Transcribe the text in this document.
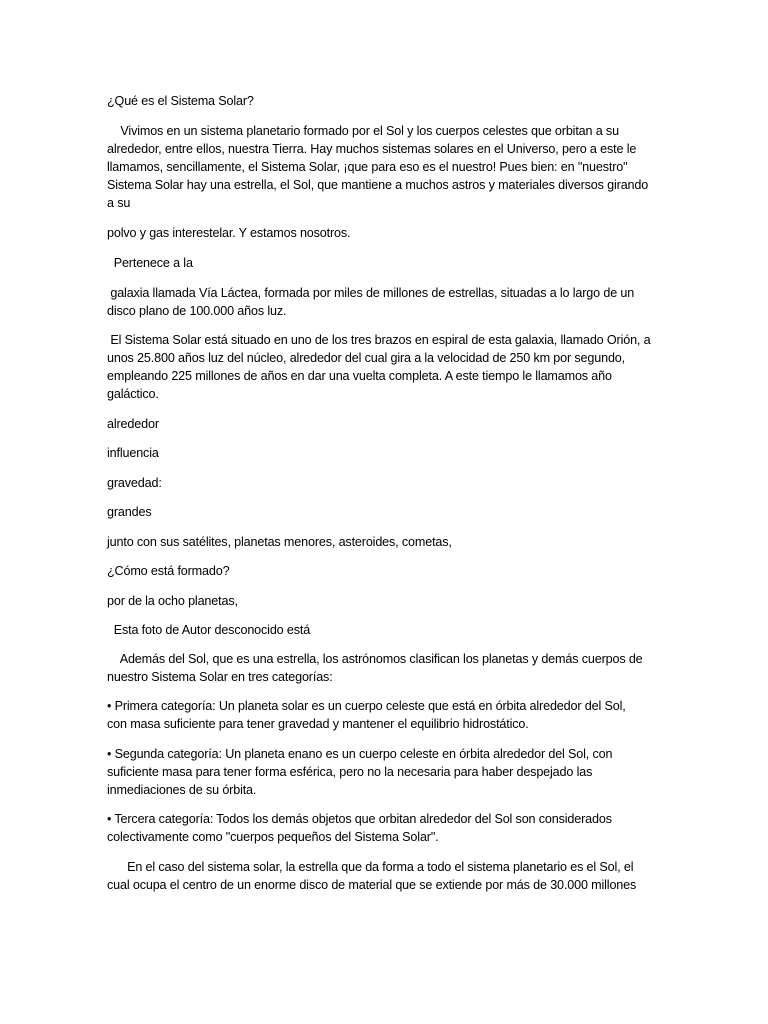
¿Qué es el Sistema Solar?

Vivimos en un sistema planetario formado por el Sol y los cuerpos celestes que orbitan a su

alrededor, entre ellos, nuestra Tierra. Hay muchos sistemas solares en el Universo, pero a este le

llamamos, sencillamente, el Sistema Solar, ¡que para eso es el nuestro! Pues bien: en "nuestro"

Sistema Solar hay una estrella, el Sol, que mantiene a muchos astros y materiales diversos girando

a su

polvo y gas interestelar. Y estamos nosotros.

Pertenece a la

galaxia llamada Vía Láctea, formada por miles de millones de estrellas, situadas a lo largo de un

disco plano de 100.000 años luz.

El Sistema Solar está situado en uno de los tres brazos en espiral de esta galaxia, llamado Orión, a

unos 25.800 años luz del núcleo, alrededor del cual gira a la velocidad de 250 km por segundo,

empleando 225 millones de años en dar una vuelta completa. A este tiempo le llamamos año

galáctico.

alrededor

influencia

gravedad:

grandes

junto con sus satélites, planetas menores, asteroides, cometas,

¿Cómo está formado?

por de la ocho planetas,

Esta foto de Autor desconocido está

Además del Sol, que es una estrella, los astrónomos clasifican los planetas y demás cuerpos de

nuestro Sistema Solar en tres categorías:

• Primera categoría: Un planeta solar es un cuerpo celeste que está en órbita alrededor del Sol,

con masa suficiente para tener gravedad y mantener el equilibrio hidrostático.

• Segunda categoría: Un planeta enano es un cuerpo celeste en órbita alrededor del Sol, con

suficiente masa para tener forma esférica, pero no la necesaria para haber despejado las

inmediaciones de su órbita.

• Tercera categoría: Todos los demás objetos que orbitan alrededor del Sol son considerados

colectivamente como "cuerpos pequeños del Sistema Solar".

En el caso del sistema solar, la estrella que da forma a todo el sistema planetario es el Sol, el

cual ocupa el centro de un enorme disco de material que se extiende por más de 30.000 millones
